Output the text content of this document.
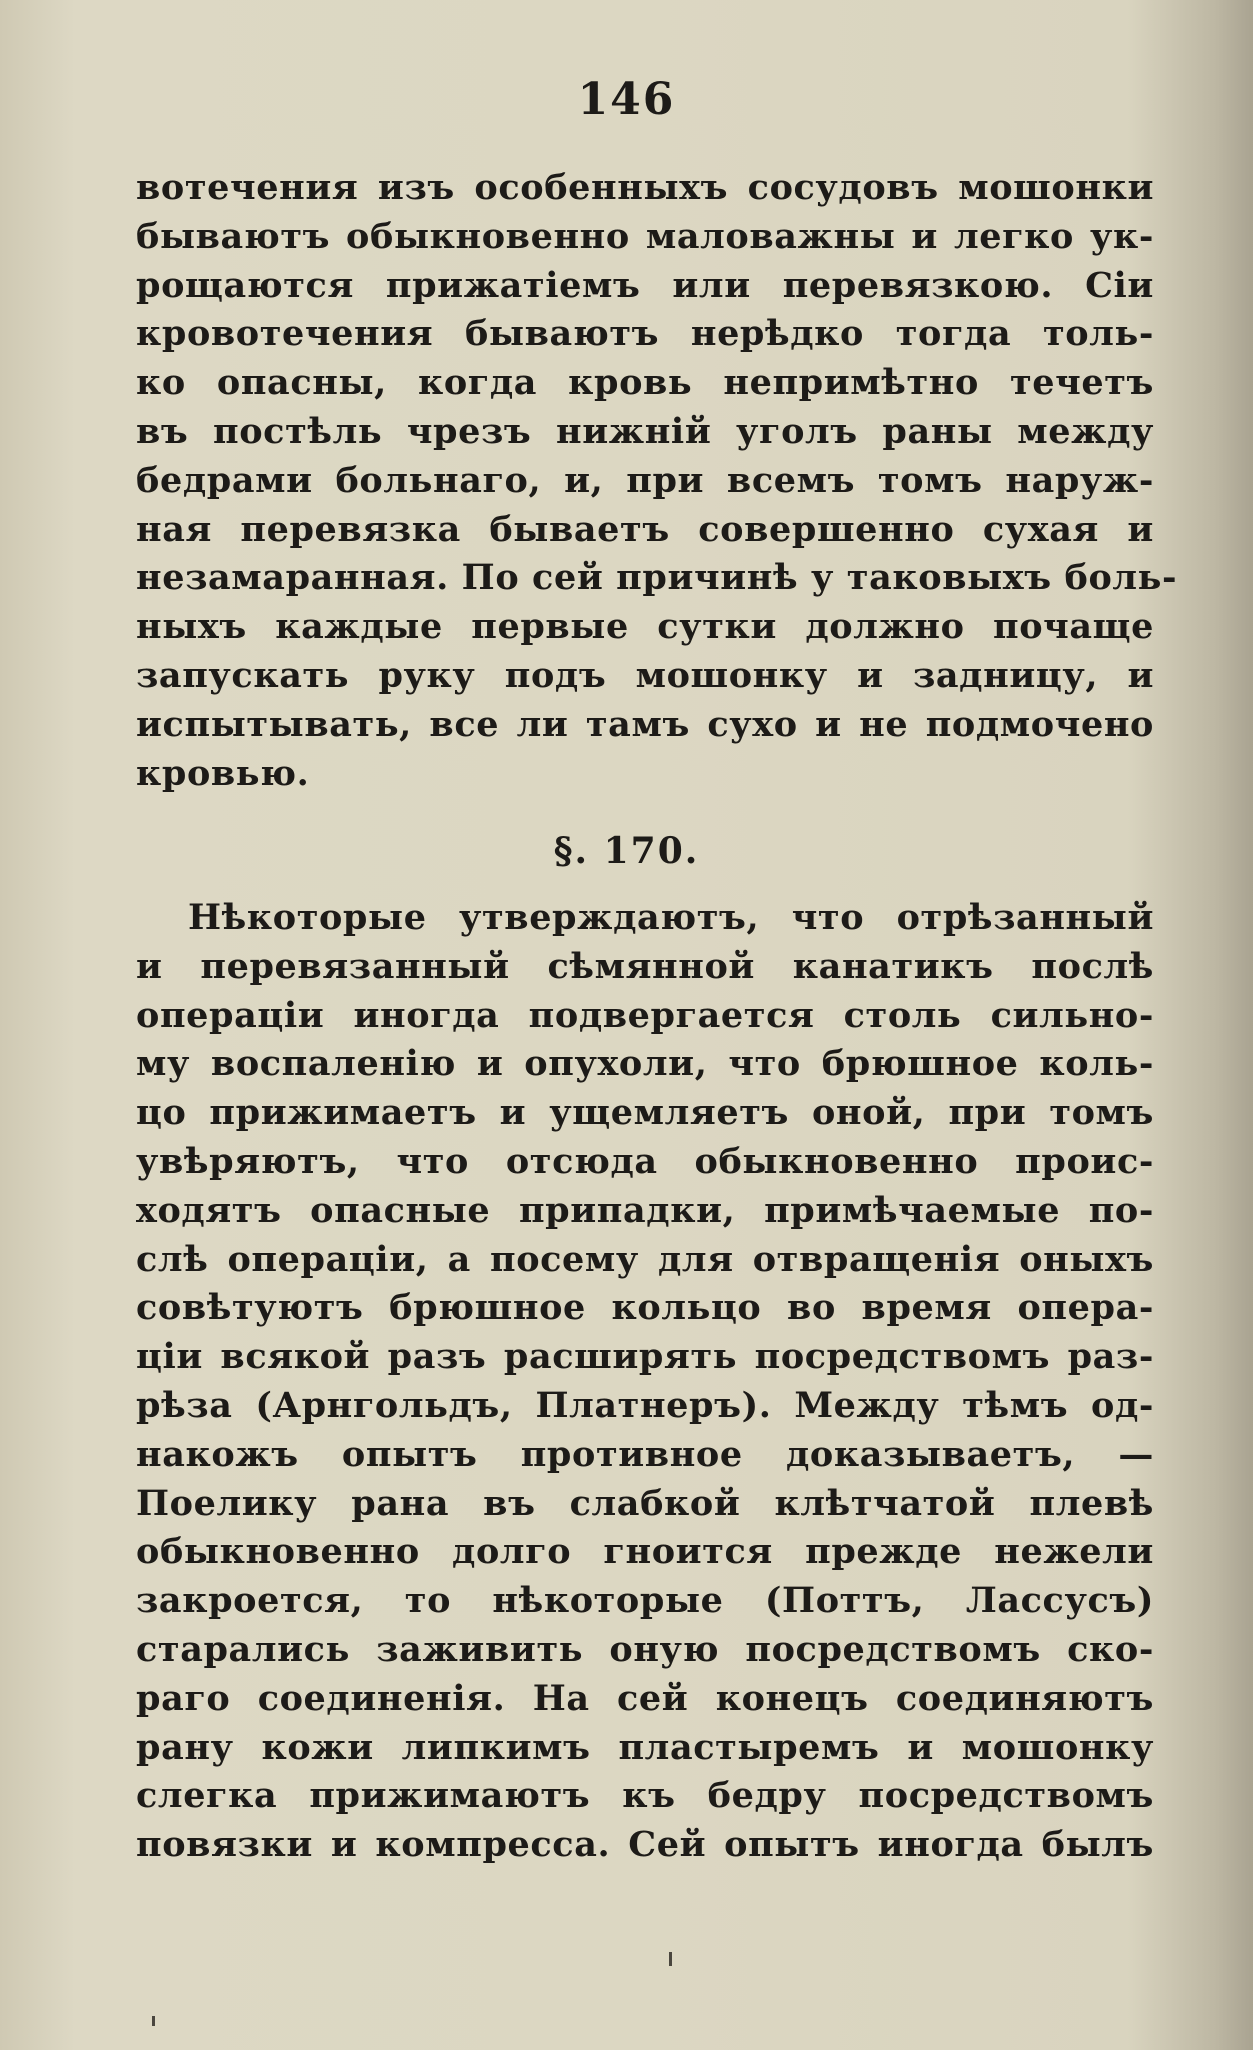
146
вотечения изъ особенныхъ сосудовъ мошонки
бываютъ обыкновенно маловажны и легко ук-
рощаются прижатiемъ или перевязкою. Сiи
кровотечения бываютъ нерѣдко тогда толь-
ко опасны, когда кровь непримѣтно течетъ
въ постѣль чрезъ нижнiй уголъ раны между
бедрами больнаго, и, при всемъ томъ наруж-
ная перевязка бываетъ совершенно сухая и
незамаранная. По сей причинѣ у таковыхъ боль-
ныхъ каждые первые сутки должно почаще
запускать руку подъ мошонку и задницу, и
испытывать, все ли тамъ сухо и не подмочено
кровью.
§. 170.
Нѣкоторые утверждаютъ, что отрѣзанный
и перевязанный сѣмянной канатикъ послѣ
операцiи иногда подвергается столь сильно-
му воспаленiю и опухоли, что брюшное коль-
цо прижимаетъ и ущемляетъ оной, при томъ
увѣряютъ, что отсюда обыкновенно проис-
ходятъ опасные припадки, примѣчаемые по-
слѣ операцiи, а посему для отвращенiя оныхъ
совѣтуютъ брюшное кольцо во время опера-
цiи всякой разъ расширять посредствомъ раз-
рѣза (Арнгольдъ, Платнеръ). Между тѣмъ од-
накожъ опытъ противное доказываетъ, —
Поелику рана въ слабкой клѣтчатой плевѣ
обыкновенно долго гноится прежде нежели
закроется, то нѣкоторые (Поттъ, Лассусъ)
старались заживить оную посредствомъ ско-
раго соединенiя. На сей конецъ соединяютъ
рану кожи липкимъ пластыремъ и мошонку
слегка прижимаютъ къ бедру посредствомъ
повязки и компресса. Сей опытъ иногда былъ
